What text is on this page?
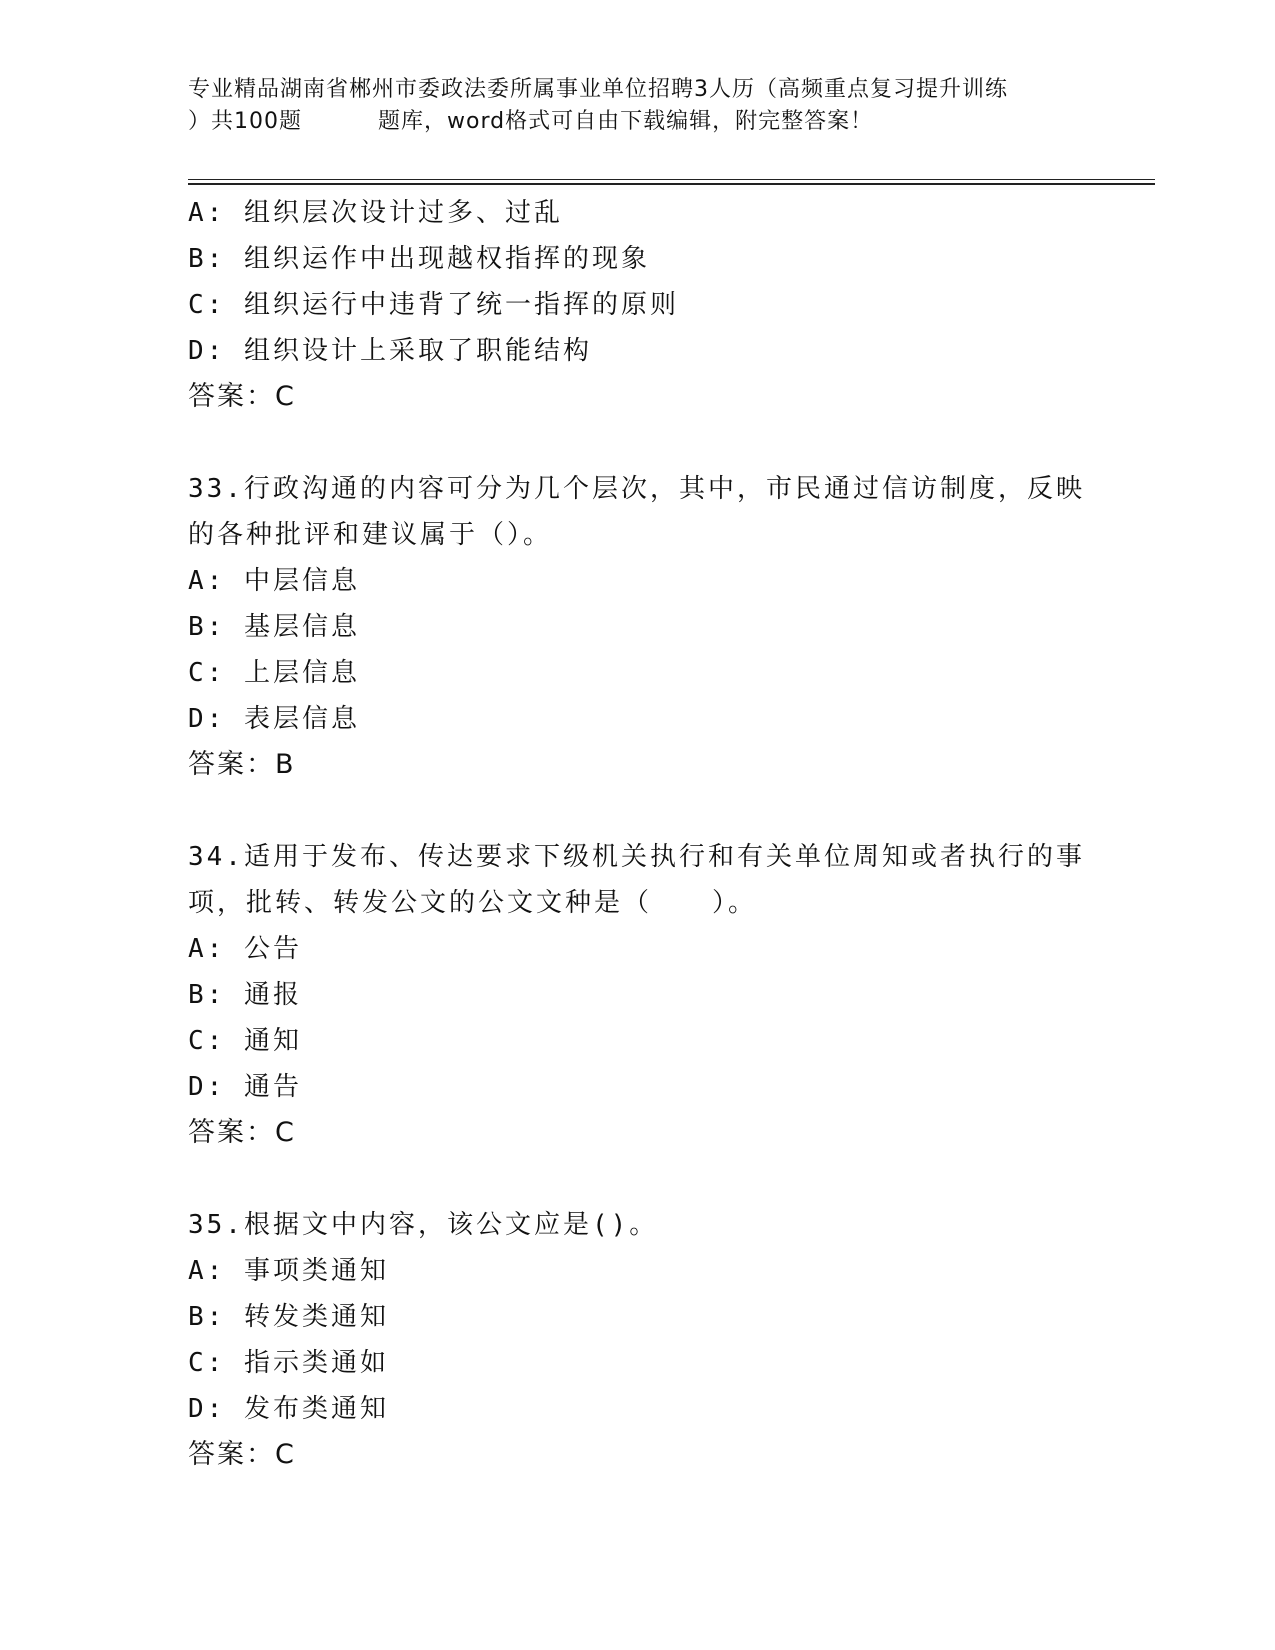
专业精品湖南省郴州市委政法委所属事业单位招聘3人历（高频重点复习提升训练
）共100题	题库，word格式可自由下载编辑，附完整答案！
A: 组织层次设计过多、过乱
B: 组织运作中出现越权指挥的现象
C: 组织运行中违背了统一指挥的原则
D: 组织设计上采取了职能结构
答案：C
33.行政沟通的内容可分为几个层次，其中，市民通过信访制度，反映
的各种批评和建议属于（）。
A: 中层信息
B: 基层信息
C: 上层信息
D: 表层信息
答案：B
34.适用于发布、传达要求下级机关执行和有关单位周知或者执行的事
项，批转、转发公文的公文文种是（ ）。
A: 公告
B: 通报
C: 通知
D: 通告
答案：C
35.根据文中内容，该公文应是()。
A: 事项类通知
B: 转发类通知
C: 指示类通如
D: 发布类通知
答案：C
